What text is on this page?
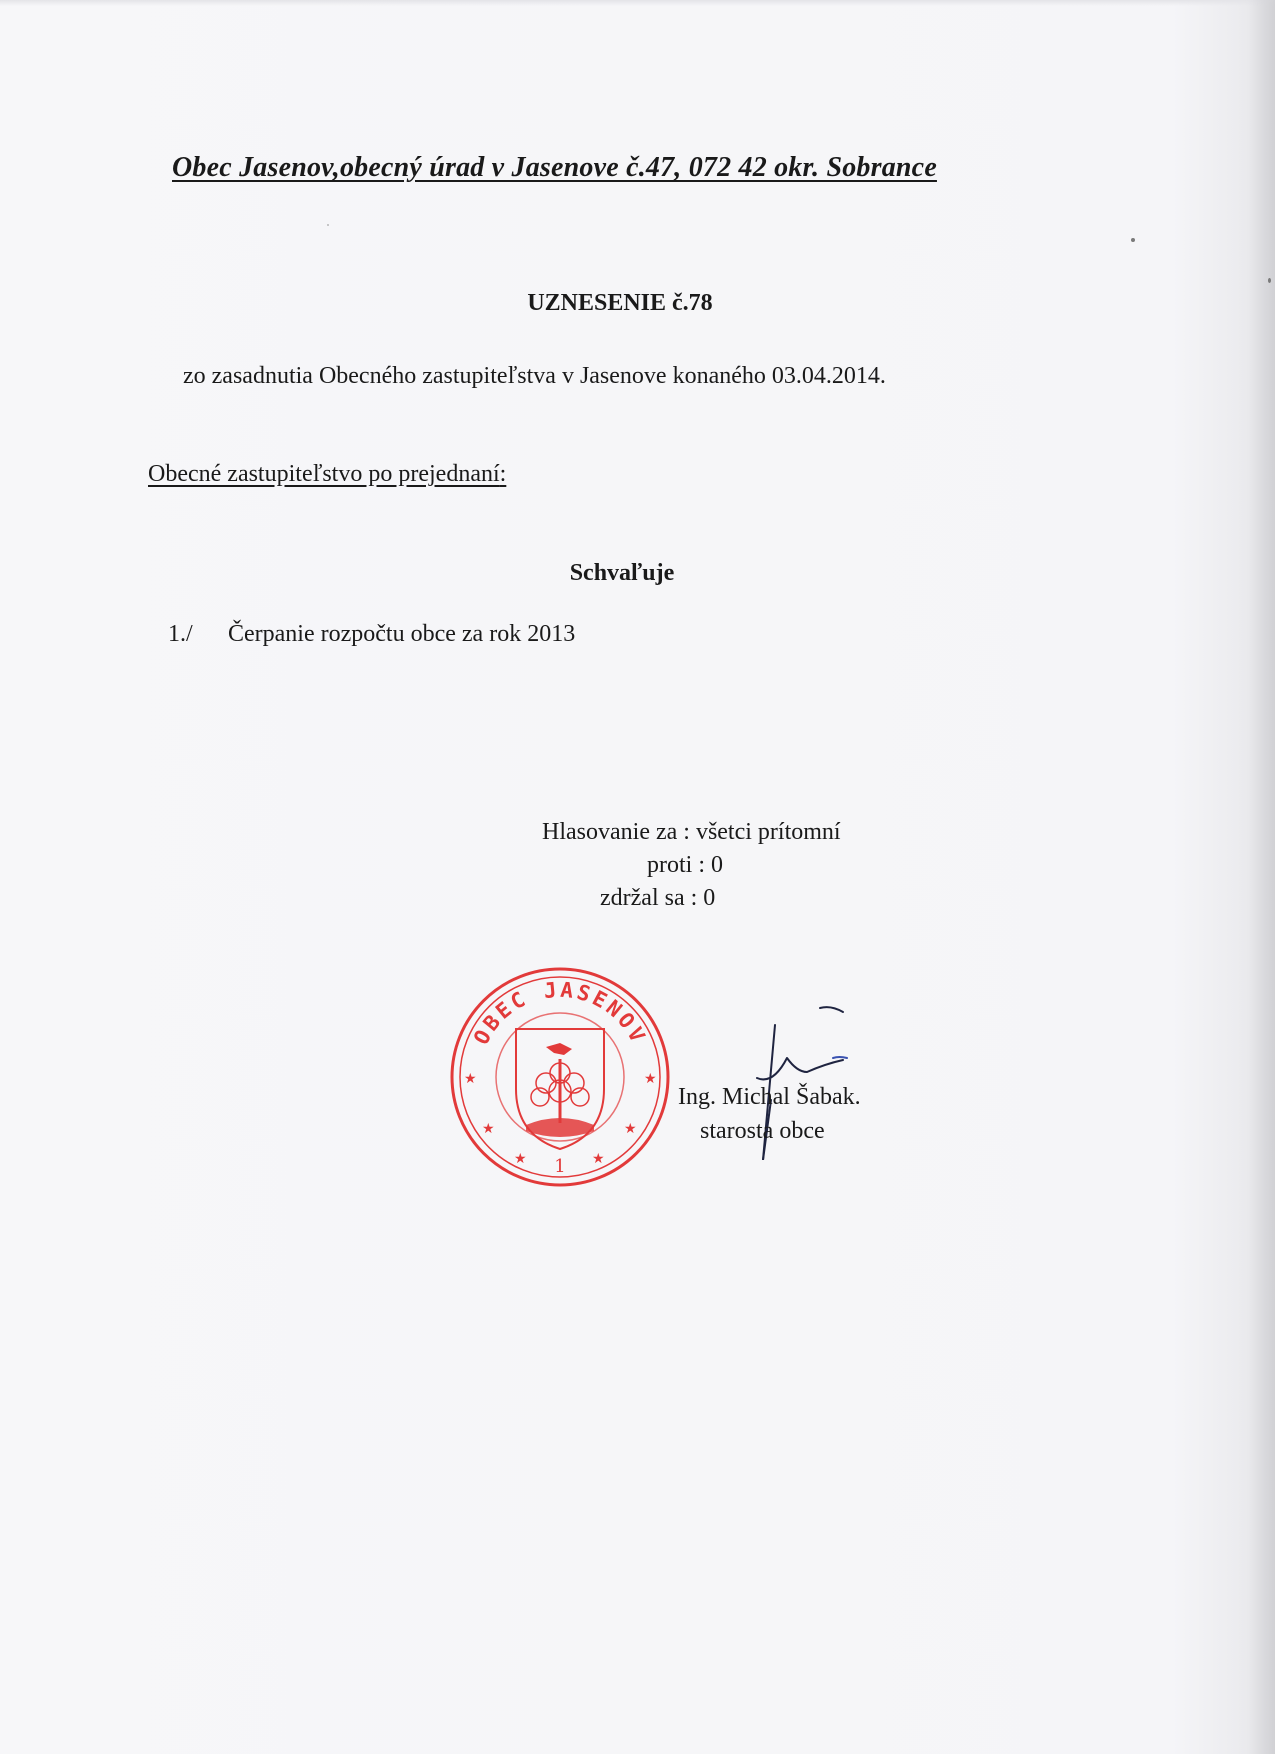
Obec Jasenov,obecný úrad v Jasenove č.47, 072 42 okr. Sobrance
UZNESENIE č.78
zo zasadnutia Obecného zastupiteľstva v Jasenove konaného 03.04.2014.
Obecné zastupiteľstvo po prejednaní:
Schvaľuje
1./ Čerpanie rozpočtu obce za rok 2013
Hlasovanie za : všetci prítomní
proti : 0
zdržal sa : 0
OBEC JASENOV
★	★
★	★
★	★
1
Ing. Michal Šabak.
starosta obce
